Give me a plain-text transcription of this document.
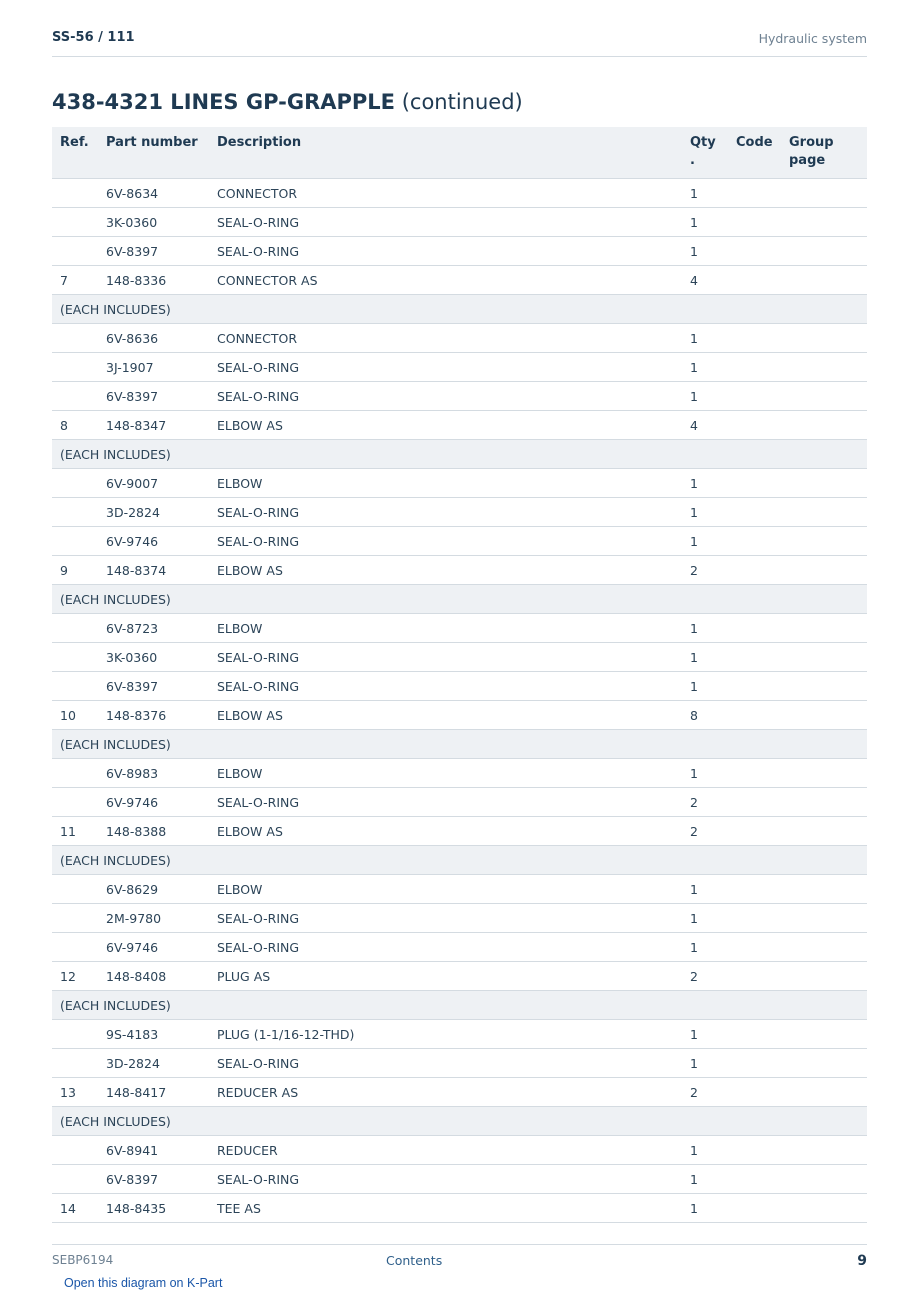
SS-56 / 111	Hydraulic system
438-4321 LINES GP-GRAPPLE (continued)
Ref.	Part number	Description	Qty .	Code	Group page
	6V-8634	CONNECTOR	1		
	3K-0360	SEAL-O-RING	1		
	6V-8397	SEAL-O-RING	1		
7	148-8336	CONNECTOR AS	4		
(EACH INCLUDES)					
	6V-8636	CONNECTOR	1		
	3J-1907	SEAL-O-RING	1		
	6V-8397	SEAL-O-RING	1		
8	148-8347	ELBOW AS	4		
(EACH INCLUDES)					
	6V-9007	ELBOW	1		
	3D-2824	SEAL-O-RING	1		
	6V-9746	SEAL-O-RING	1		
9	148-8374	ELBOW AS	2		
(EACH INCLUDES)					
	6V-8723	ELBOW	1		
	3K-0360	SEAL-O-RING	1		
	6V-8397	SEAL-O-RING	1		
10	148-8376	ELBOW AS	8		
(EACH INCLUDES)					
	6V-8983	ELBOW	1		
	6V-9746	SEAL-O-RING	2		
11	148-8388	ELBOW AS	2		
(EACH INCLUDES)					
	6V-8629	ELBOW	1		
	2M-9780	SEAL-O-RING	1		
	6V-9746	SEAL-O-RING	1		
12	148-8408	PLUG AS	2		
(EACH INCLUDES)					
	9S-4183	PLUG (1-1/16-12-THD)	1		
	3D-2824	SEAL-O-RING	1		
13	148-8417	REDUCER AS	2		
(EACH INCLUDES)					
	6V-8941	REDUCER	1		
	6V-8397	SEAL-O-RING	1		
14	148-8435	TEE AS	1		
SEBP6194	Contents	9
Open this diagram on K-Part
